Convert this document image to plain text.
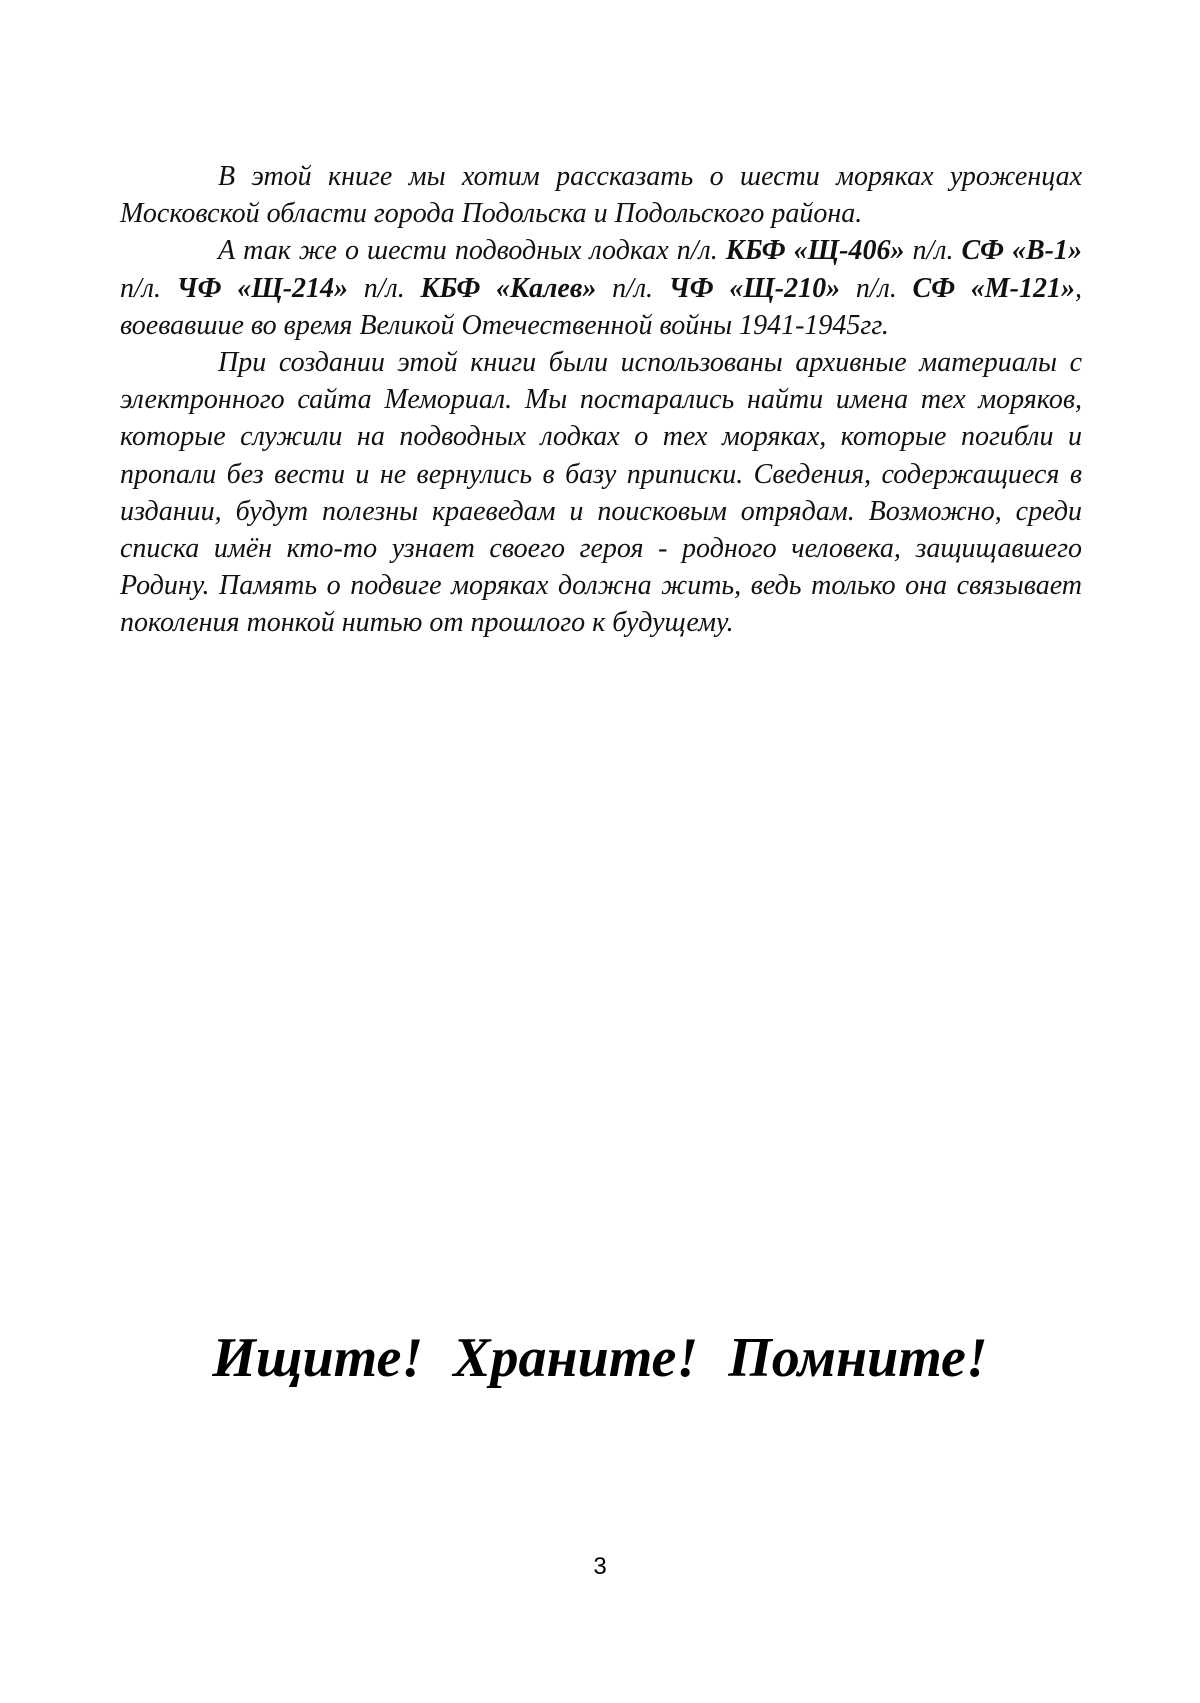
В этой книге мы хотим рассказать о шести моряках уроженцах Московской области города Подольска и Подольского района.

А так же о шести подводных лодках п/л. КБФ «Щ-406» п/л. СФ «В-1» п/л. ЧФ «Щ-214» п/л. КБФ «Калев» п/л. ЧФ «Щ-210» п/л. СФ «М-121», воевавшие во время Великой Отечественной войны 1941-1945гг.

При создании этой книги были использованы архивные материалы с электронного сайта Мемориал. Мы постарались найти имена тех моряков, которые служили на подводных лодках о тех моряках, которые погибли и пропали без вести и не вернулись в базу приписки. Сведения, содержащиеся в издании, будут полезны краеведам и поисковым отрядам. Возможно, среди списка имён кто-то узнает своего героя - родного человека, защищавшего Родину. Память о подвиге моряках должна жить, ведь только она связывает поколения тонкой нитью от прошлого к будущему.

Ищите! Храните! Помните!
3
